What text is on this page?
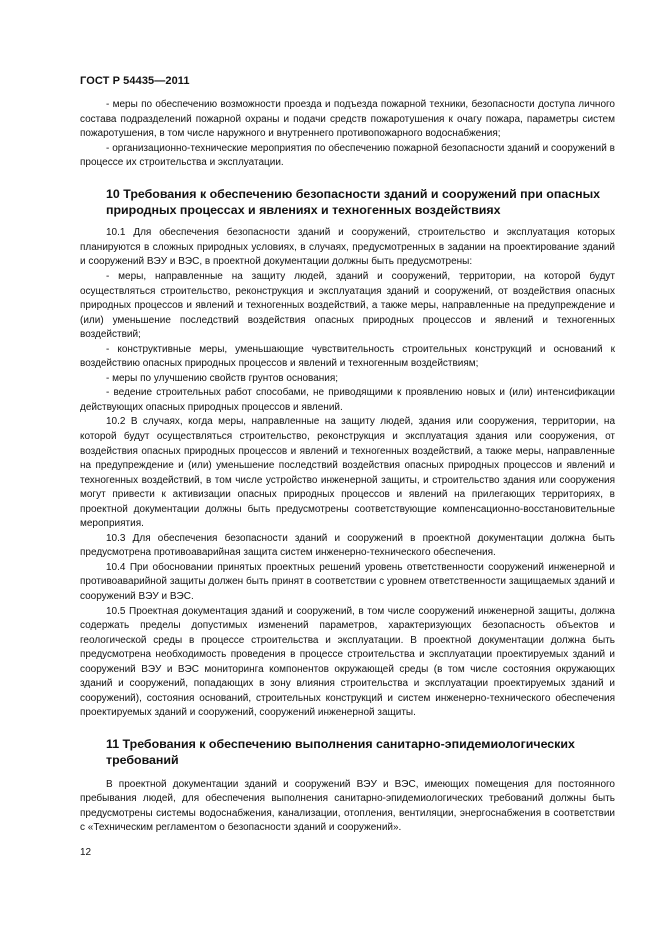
ГОСТ Р 54435—2011

- меры по обеспечению возможности проезда и подъезда пожарной техники, безопасности доступа личного состава подразделений пожарной охраны и подачи средств пожаротушения к очагу пожара, параметры систем пожаротушения, в том числе наружного и внутреннего противопожарного водоснабжения;

- организационно-технические мероприятия по обеспечению пожарной безопасности зданий и сооружений в процессе их строительства и эксплуатации.

10 Требования к обеспечению безопасности зданий и сооружений при опасных природных процессах и явлениях и техногенных воздействиях

10.1 Для обеспечения безопасности зданий и сооружений, строительство и эксплуатация которых планируются в сложных природных условиях, в случаях, предусмотренных в задании на проектирование зданий и сооружений ВЭУ и ВЭС, в проектной документации должны быть предусмотрены:

- меры, направленные на защиту людей, зданий и сооружений, территории, на которой будут осуществляться строительство, реконструкция и эксплуатация зданий и сооружений, от воздействия опасных природных процессов и явлений и техногенных воздействий, а также меры, направленные на предупреждение и (или) уменьшение последствий воздействия опасных природных процессов и явлений и техногенных воздействий;

- конструктивные меры, уменьшающие чувствительность строительных конструкций и оснований к воздействию опасных природных процессов и явлений и техногенным воздействиям;

- меры по улучшению свойств грунтов основания;

- ведение строительных работ способами, не приводящими к проявлению новых и (или) интенсификации действующих опасных природных процессов и явлений.

10.2 В случаях, когда меры, направленные на защиту людей, здания или сооружения, территории, на которой будут осуществляться строительство, реконструкция и эксплуатация здания или сооружения, от воздействия опасных природных процессов и явлений и техногенных воздействий, а также меры, направленные на предупреждение и (или) уменьшение последствий воздействия опасных природных процессов и явлений и техногенных воздействий, в том числе устройство инженерной защиты, и строительство здания или сооружения могут привести к активизации опасных природных процессов и явлений на прилегающих территориях, в проектной документации должны быть предусмотрены соответствующие компенсационно-восстановительные мероприятия.

10.3 Для обеспечения безопасности зданий и сооружений в проектной документации должна быть предусмотрена противоаварийная защита систем инженерно-технического обеспечения.

10.4 При обосновании принятых проектных решений уровень ответственности сооружений инженерной и противоаварийной защиты должен быть принят в соответствии с уровнем ответственности защищаемых зданий и сооружений ВЭУ и ВЭС.

10.5 Проектная документация зданий и сооружений, в том числе сооружений инженерной защиты, должна содержать пределы допустимых изменений параметров, характеризующих безопасность объектов и геологической среды в процессе строительства и эксплуатации. В проектной документации должна быть предусмотрена необходимость проведения в процессе строительства и эксплуатации проектируемых зданий и сооружений ВЭУ и ВЭС мониторинга компонентов окружающей среды (в том числе состояния окружающих зданий и сооружений, попадающих в зону влияния строительства и эксплуатации проектируемых зданий и сооружений), состояния оснований, строительных конструкций и систем инженерно-технического обеспечения проектируемых зданий и сооружений, сооружений инженерной защиты.

11 Требования к обеспечению выполнения санитарно-эпидемиологических требований

В проектной документации зданий и сооружений ВЭУ и ВЭС, имеющих помещения для постоянного пребывания людей, для обеспечения выполнения санитарно-эпидемиологических требований должны быть предусмотрены системы водоснабжения, канализации, отопления, вентиляции, энергоснабжения в соответствии с «Техническим регламентом о безопасности зданий и сооружений».

12
